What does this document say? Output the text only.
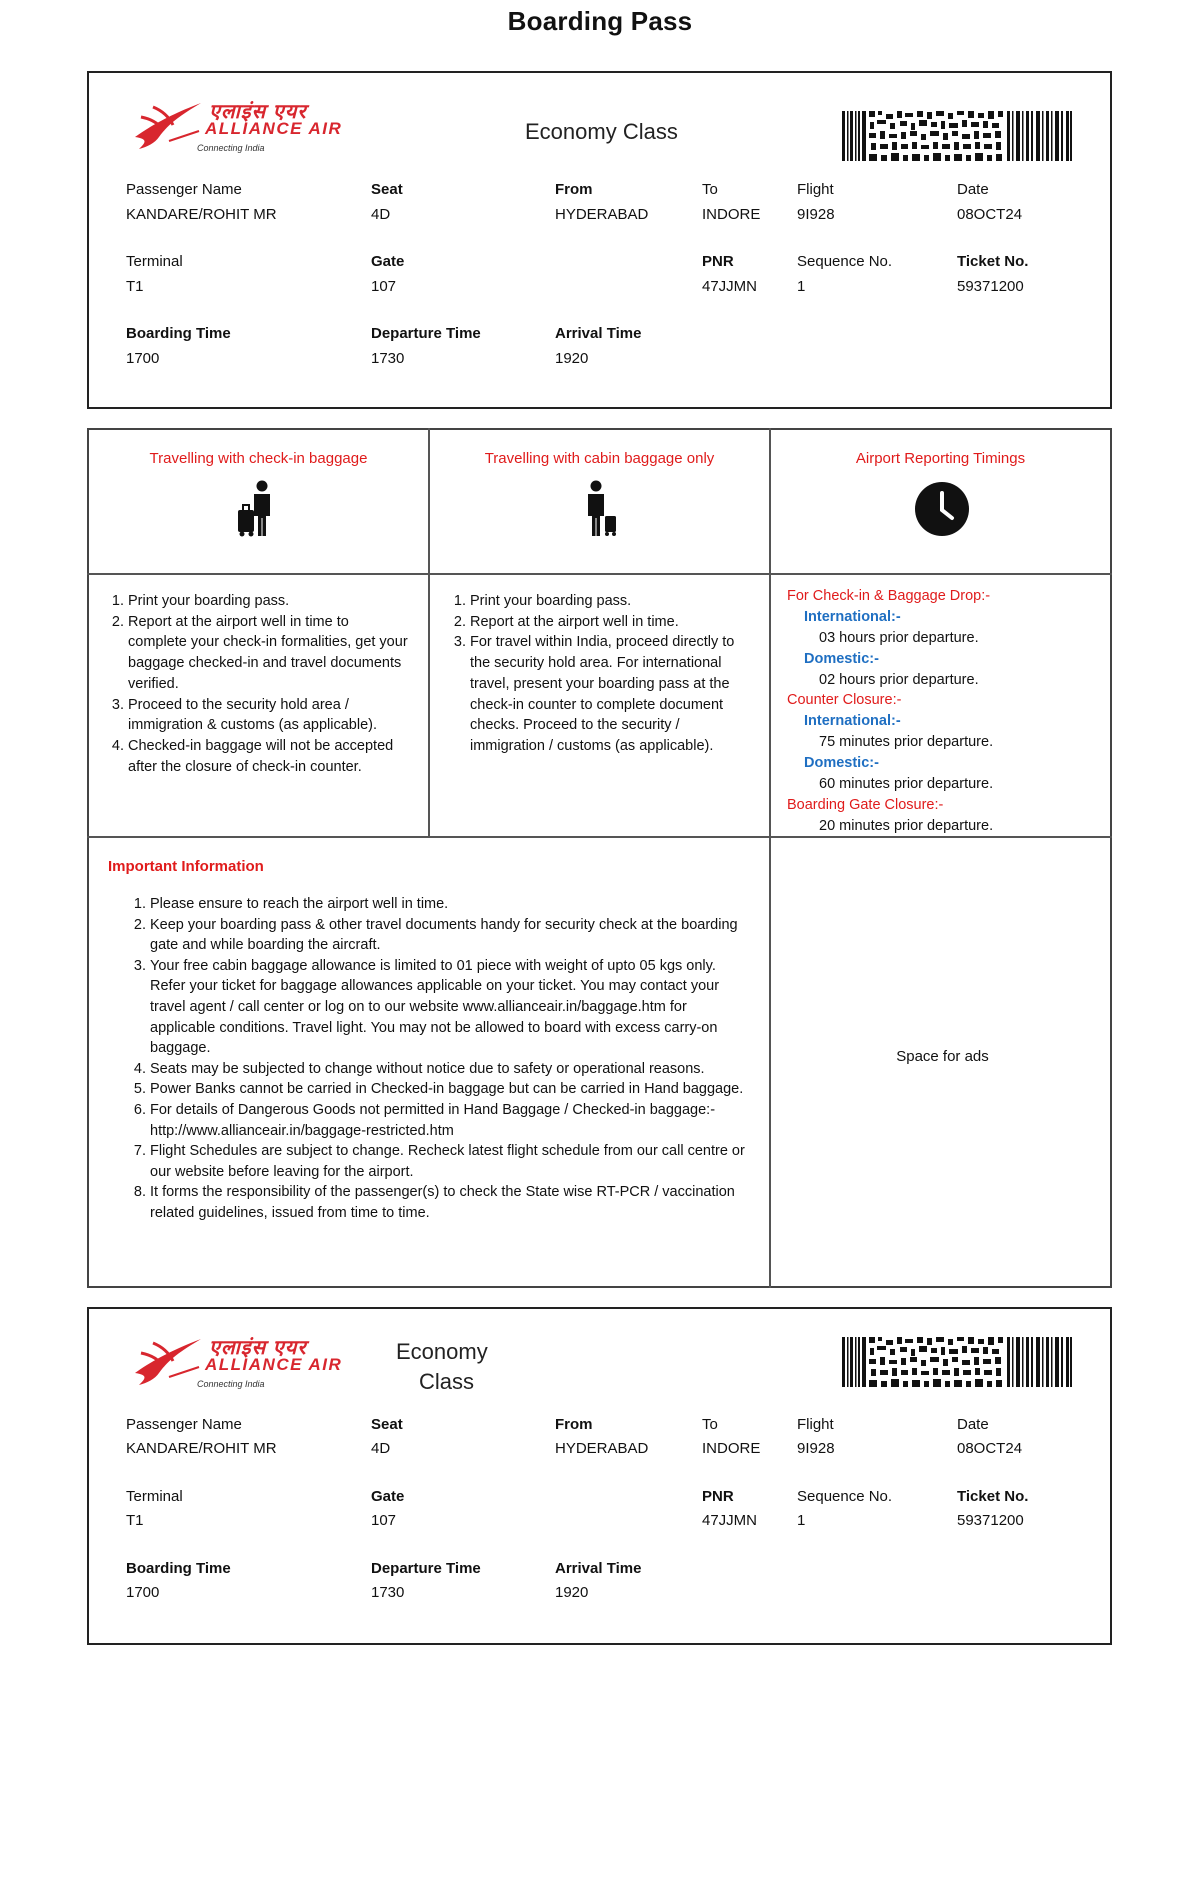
Boarding Pass
एलाइंस एयर
ALLIANCE AIR
Connecting India
Economy Class
Passenger Name
KANDARE/ROHIT MR
Seat
4D
From
HYDERABAD
To
INDORE
Flight
9I928
Date
08OCT24
Terminal
T1
Gate
107
PNR
47JJMN
Sequence No.
1
Ticket No.
59371200
Boarding Time
1700
Departure Time
1730
Arrival Time
1920
Travelling with check-in baggage	Travelling with cabin baggage only	Airport Reporting Timings
1. Print your boarding pass.
2. Report at the airport well in time to complete your check-in formalities, get your baggage checked-in and travel documents verified.
3. Proceed to the security hold area / immigration & customs (as applicable).
4. Checked-in baggage will not be accepted after the closure of check-in counter.
1. Print your boarding pass.
2. Report at the airport well in time.
3. For travel within India, proceed directly to the security hold area. For international travel, present your boarding pass at the check-in counter to complete document checks. Proceed to the security / immigration / customs (as applicable).
For Check-in & Baggage Drop:-
International:-
03 hours prior departure.
Domestic:-
02 hours prior departure.
Counter Closure:-
International:-
75 minutes prior departure.
Domestic:-
60 minutes prior departure.
Boarding Gate Closure:-
20 minutes prior departure.
Important Information
1. Please ensure to reach the airport well in time.
2. Keep your boarding pass & other travel documents handy for security check at the boarding gate and while boarding the aircraft.
3. Your free cabin baggage allowance is limited to 01 piece with weight of upto 05 kgs only. Refer your ticket for baggage allowances applicable on your ticket. You may contact your travel agent / call center or log on to our website www.allianceair.in/baggage.htm for applicable conditions. Travel light. You may not be allowed to board with excess carry-on baggage.
4. Seats may be subjected to change without notice due to safety or operational reasons.
5. Power Banks cannot be carried in Checked-in baggage but can be carried in Hand baggage.
6. For details of Dangerous Goods not permitted in Hand Baggage / Checked-in baggage:- http://www.allianceair.in/baggage-restricted.htm
7. Flight Schedules are subject to change. Recheck latest flight schedule from our call centre or our website before leaving for the airport.
8. It forms the responsibility of the passenger(s) to check the State wise RT-PCR / vaccination related guidelines, issued from time to time.
Space for ads
एलाइंस एयर
ALLIANCE AIR
Connecting India
Economy
Class
Passenger Name
KANDARE/ROHIT MR
Seat
4D
From
HYDERABAD
To
INDORE
Flight
9I928
Date
08OCT24
Terminal
T1
Gate
107
PNR
47JJMN
Sequence No.
1
Ticket No.
59371200
Boarding Time
1700
Departure Time
1730
Arrival Time
1920
